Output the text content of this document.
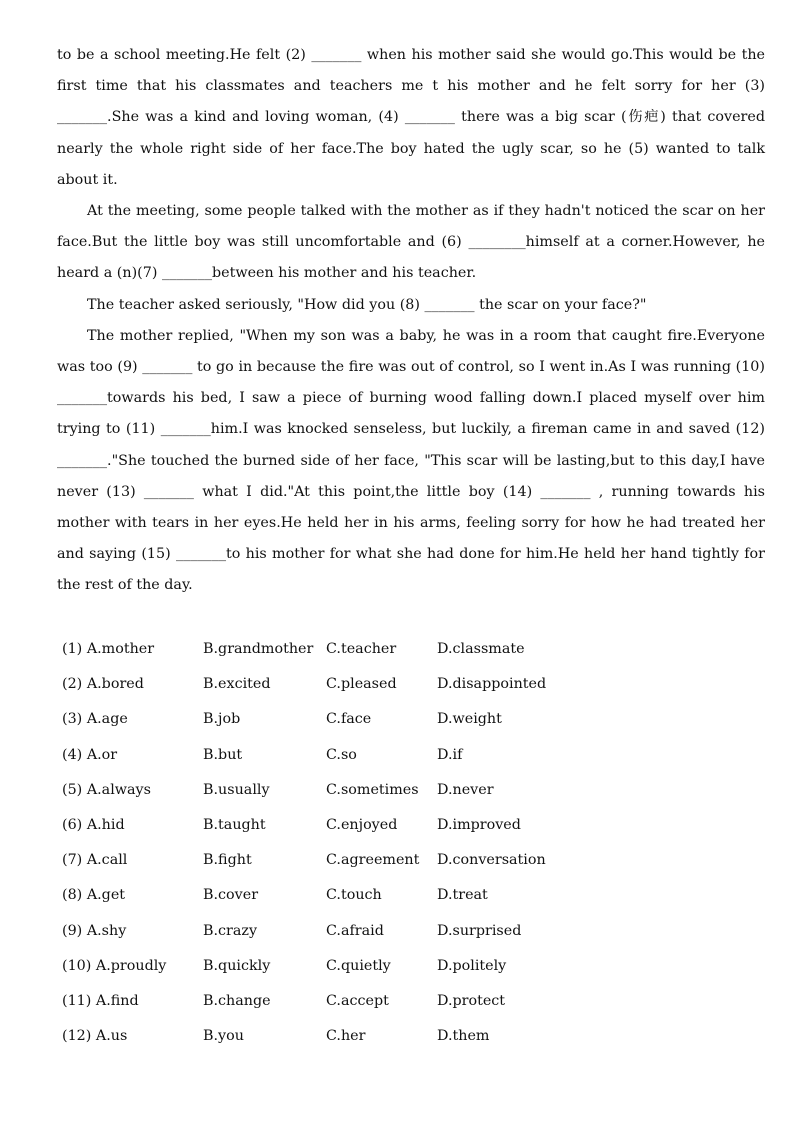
to be a school meeting.He felt (2) _______ when his mother said she would go.This would be the first time that his classmates and teachers me t his mother and he felt sorry for her (3) _______.She was a kind and loving woman, (4) _______ there was a big scar (伤疤) that covered nearly the whole right side of her face.The boy hated the ugly scar, so he (5) wanted to talk about it.

At the meeting, some people talked with the mother as if they hadn't noticed the scar on her face.But the little boy was still uncomfortable and (6) ________himself at a corner.However, he heard a (n)(7) _______between his mother and his teacher.

The teacher asked seriously, "How did you (8) _______ the scar on your face?"

The mother replied, "When my son was a baby, he was in a room that caught fire.Everyone was too (9) _______ to go in because the fire was out of control, so I went in.As I was running (10) _______towards his bed, I saw a piece of burning wood falling down.I placed myself over him trying to (11) _______him.I was knocked senseless, but luckily, a fireman came in and saved (12) _______."She touched the burned side of her face, "This scar will be lasting,but to this day,I have never (13) _______ what I did."At this point,the little boy (14) _______ , running towards his mother with tears in her eyes.He held her in his arms, feeling sorry for how he had treated her and saying (15) _______to his mother for what she had done for him.He held her hand tightly for the rest of the day.

(1) A.mother	B.grandmother C.teacher	D.classmate
(2) A.bored	B.excited	C.pleased	D.disappointed
(3) A.age	B.job	C.face	D.weight
(4) A.or	B.but	C.so	D.if
(5) A.always	B.usually	C.sometimes	D.never
(6) A.hid	B.taught	C.enjoyed	D.improved
(7) A.call	B.fight	C.agreement	D.conversation
(8) A.get	B.cover	C.touch	D.treat
(9) A.shy	B.crazy	C.afraid	D.surprised
(10) A.proudly	B.quickly	C.quietly	D.politely
(11) A.find	B.change	C.accept	D.protect
(12) A.us	B.you	C.her	D.them
